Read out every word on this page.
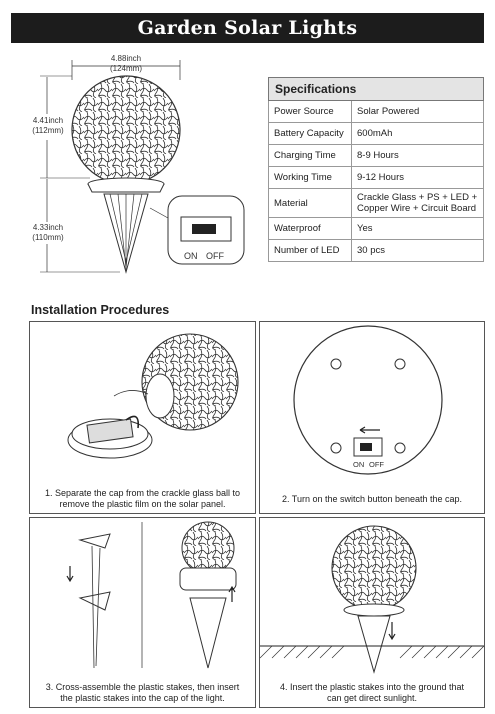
Garden Solar Lights
4.88inch
(124mm)
4.41inch
(112mm)
4.33inch
(110mm)
ON OFF
Specifications	
Power Source	Solar Powered
Battery Capacity	600mAh
Charging Time	8-9 Hours
Working Time	9-12 Hours
Material	Crackle Glass + PS + LED + Copper Wire + Circuit Board
Waterproof	Yes
Number of LED	30 pcs
Installation Procedures
1. Separate the cap from the crackle glass ball to
remove the plastic film on the solar panel.
ON OFF
2. Turn on the switch button beneath the cap.
3. Cross-assemble the plastic stakes, then insert
the plastic stakes into the cap of the light.
4. Insert the plastic stakes into the ground that
can get direct sunlight.
